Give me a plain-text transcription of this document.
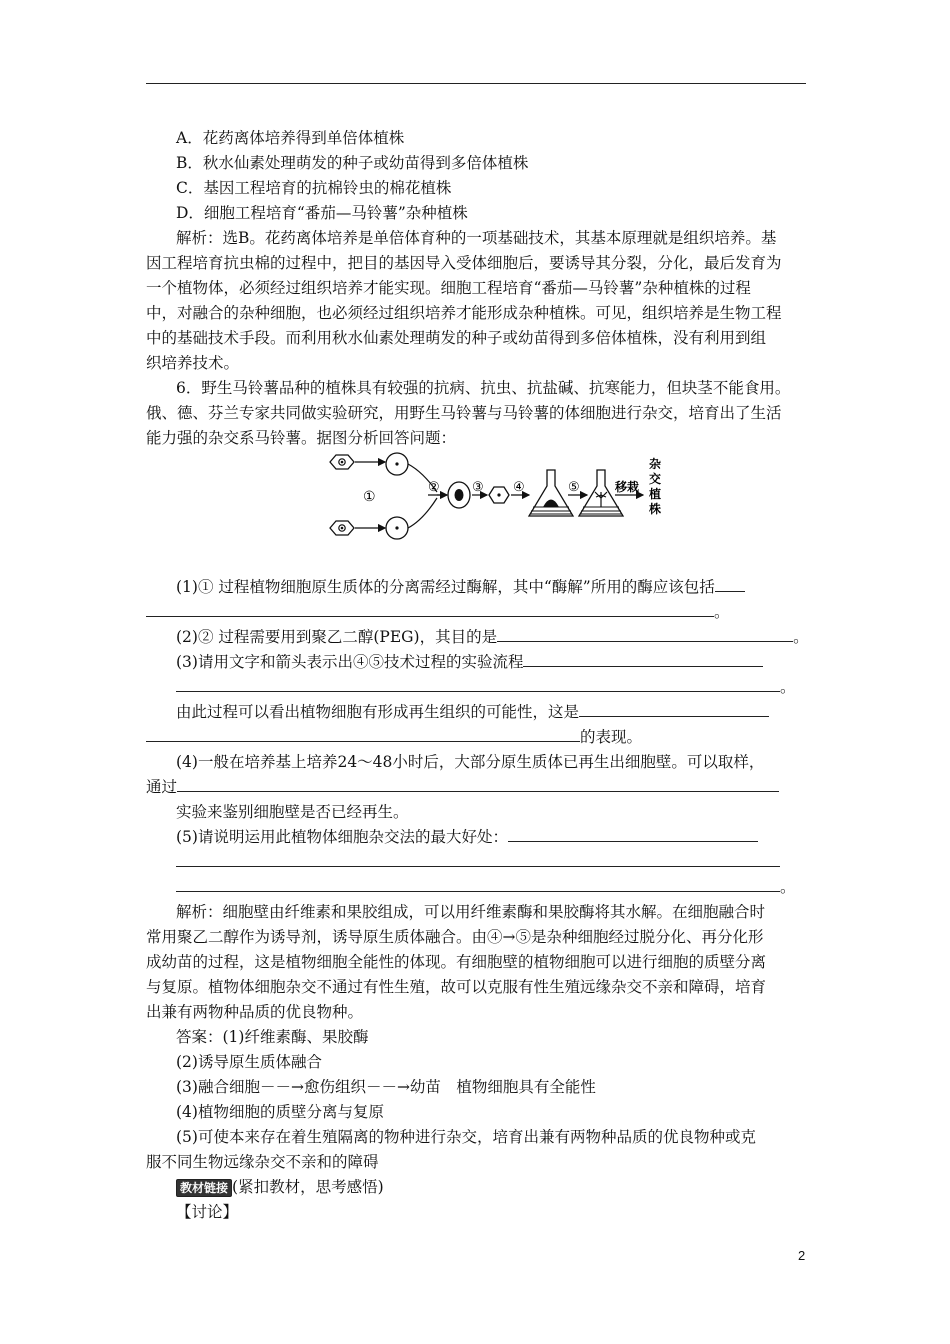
A．花药离体培养得到单倍体植株
B．秋水仙素处理萌发的种子或幼苗得到多倍体植株
C．基因工程培育的抗棉铃虫的棉花植株
D．细胞工程培育“番茄—马铃薯”杂种植株
解析：选B。花药离体培养是单倍体育种的一项基础技术，其基本原理就是组织培养。基
因工程培育抗虫棉的过程中，把目的基因导入受体细胞后，要诱导其分裂，分化，最后发育为
一个植物体，必须经过组织培养才能实现。细胞工程培育“番茄—马铃薯”杂种植株的过程
中，对融合的杂种细胞，也必须经过组织培养才能形成杂种植株。可见，组织培养是生物工程
中的基础技术手段。而利用秋水仙素处理萌发的种子或幼苗得到多倍体植株，没有利用到组
织培养技术。
6．野生马铃薯品种的植株具有较强的抗病、抗虫、抗盐碱、抗寒能力，但块茎不能食用。
俄、德、芬兰专家共同做实验研究，用野生马铃薯与马铃薯的体细胞进行杂交，培育出了生活
能力强的杂交系马铃薯。据图分析回答问题：
①
② ③ ④	⑤	移栽
杂
交
植
株
(1)① 过程植物细胞原生质体的分离需经过酶解，其中“酶解”所用的酶应该包括
。
(2)② 过程需要用到聚乙二醇(PEG)，其目的是	。
(3)请用文字和箭头表示出④⑤技术过程的实验流程
。
由此过程可以看出植物细胞有形成再生组织的可能性，这是
的表现。
(4)一般在培养基上培养24～48小时后，大部分原生质体已再生出细胞壁。可以取样，
通过
实验来鉴别细胞壁是否已经再生。
(5)请说明运用此植物体细胞杂交法的最大好处：
。
解析：细胞壁由纤维素和果胶组成，可以用纤维素酶和果胶酶将其水解。在细胞融合时
常用聚乙二醇作为诱导剂，诱导原生质体融合。由④→⑤是杂种细胞经过脱分化、再分化形
成幼苗的过程，这是植物细胞全能性的体现。有细胞壁的植物细胞可以进行细胞的质壁分离
与复原。植物体细胞杂交不通过有性生殖，故可以克服有性生殖远缘杂交不亲和障碍，培育
出兼有两物种品质的优良物种。
答案：(1)纤维素酶、果胶酶
(2)诱导原生质体融合
(3)融合细胞－－→愈伤组织－－→幼苗　植物细胞具有全能性
(4)植物细胞的质壁分离与复原
(5)可使本来存在着生殖隔离的物种进行杂交，培育出兼有两物种品质的优良物种或克
服不同生物远缘杂交不亲和的障碍
教材链接 (紧扣教材，思考感悟)
【讨论】
2
